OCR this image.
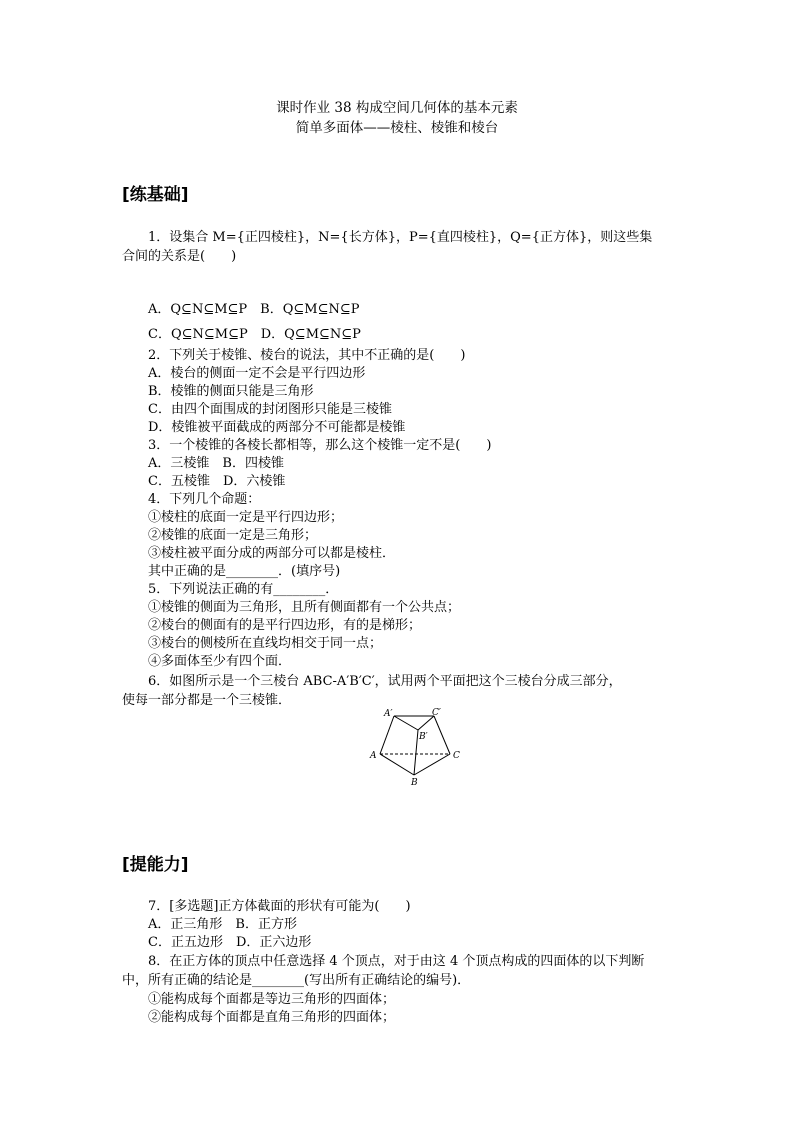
课时作业 38 构成空间几何体的基本元素
简单多面体——棱柱、棱锥和棱台
[练基础]
[提能力]
1．设集合 M={正四棱柱}，N={长方体}，P={直四棱柱}，Q={正方体}，则这些集
合间的关系是(　　)
A．Q⊆N⊆M⊆P　B．Q⊆M⊆N⊆P
C．Q⊆N⊆M⊆P　D．Q⊆M⊆N⊆P
2．下列关于棱锥、棱台的说法，其中不正确的是(　　)
A．棱台的侧面一定不会是平行四边形
B．棱锥的侧面只能是三角形
C．由四个面围成的封闭图形只能是三棱锥
D．棱锥被平面截成的两部分不可能都是棱锥
3．一个棱锥的各棱长都相等，那么这个棱锥一定不是(　　)
A．三棱锥　B．四棱锥
C．五棱锥　D．六棱锥
4．下列几个命题：
①棱柱的底面一定是平行四边形；
②棱锥的底面一定是三角形；
③棱柱被平面分成的两部分可以都是棱柱．
其中正确的是________．(填序号)
5．下列说法正确的有________．
①棱锥的侧面为三角形，且所有侧面都有一个公共点；
②棱台的侧面有的是平行四边形，有的是梯形；
③棱台的侧棱所在直线均相交于同一点；
④多面体至少有四个面．
6．如图所示是一个三棱台 ABC-A′B′C′，试用两个平面把这个三棱台分成三部分，
使每一部分都是一个三棱锥．
7．[多选题]正方体截面的形状有可能为(　　)
A．正三角形　B．正方形
C．正五边形　D．正六边形
8．在正方体的顶点中任意选择 4 个顶点，对于由这 4 个顶点构成的四面体的以下判断
中，所有正确的结论是________(写出所有正确结论的编号)．
①能构成每个面都是等边三角形的四面体；
②能构成每个面都是直角三角形的四面体；
A′	C′
B′
A	C
B
